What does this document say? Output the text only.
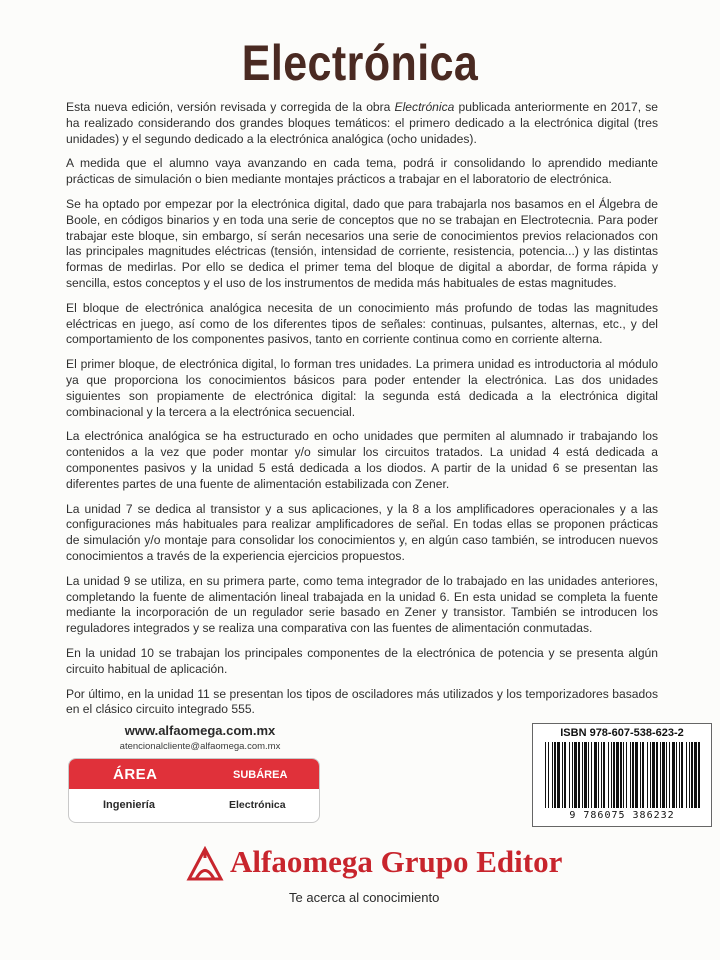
Electrónica

Esta nueva edición, versión revisada y corregida de la obra Electrónica publicada anteriormente en 2017, se ha realizado considerando dos grandes bloques temáticos: el primero dedicado a la electrónica digital (tres unidades) y el segundo dedicado a la electrónica analógica (ocho unidades).

A medida que el alumno vaya avanzando en cada tema, podrá ir consolidando lo aprendido mediante prácticas de simulación o bien mediante montajes prácticos a trabajar en el laboratorio de electrónica.

Se ha optado por empezar por la electrónica digital, dado que para trabajarla nos basamos en el Álgebra de Boole, en códigos binarios y en toda una serie de conceptos que no se trabajan en Electrotecnia. Para poder trabajar este bloque, sin embargo, sí serán necesarios una serie de conocimientos previos relacionados con las principales magnitudes eléctricas (tensión, intensidad de corriente, resistencia, potencia...) y las distintas formas de medirlas. Por ello se dedica el primer tema del bloque de digital a abordar, de forma rápida y sencilla, estos conceptos y el uso de los instrumentos de medida más habituales de estas magnitudes.

El bloque de electrónica analógica necesita de un conocimiento más profundo de todas las magnitudes eléctricas en juego, así como de los diferentes tipos de señales: continuas, pulsantes, alternas, etc., y del comportamiento de los componentes pasivos, tanto en corriente continua como en corriente alterna.

El primer bloque, de electrónica digital, lo forman tres unidades. La primera unidad es introductoria al módulo ya que proporciona los conocimientos básicos para poder entender la electrónica. Las dos unidades siguientes son propiamente de electrónica digital: la segunda está dedicada a la electrónica digital combinacional y la tercera a la electrónica secuencial.

La electrónica analógica se ha estructurado en ocho unidades que permiten al alumnado ir trabajando los contenidos a la vez que poder montar y/o simular los circuitos tratados. La unidad 4 está dedicada a componentes pasivos y la unidad 5 está dedicada a los diodos. A partir de la unidad 6 se presentan las diferentes partes de una fuente de alimentación estabilizada con Zener.

La unidad 7 se dedica al transistor y a sus aplicaciones, y la 8 a los amplificadores operacionales y a las configuraciones más habituales para realizar amplificadores de señal. En todas ellas se proponen prácticas de simulación y/o montaje para consolidar los conocimientos y, en algún caso también, se introducen nuevos conocimientos a través de la experiencia ejercicios propuestos.

La unidad 9 se utiliza, en su primera parte, como tema integrador de lo trabajado en las unidades anteriores, completando la fuente de alimentación lineal trabajada en la unidad 6. En esta unidad se completa la fuente mediante la incorporación de un regulador serie basado en Zener y transistor. También se introducen los reguladores integrados y se realiza una comparativa con las fuentes de alimentación conmutadas.

En la unidad 10 se trabajan los principales componentes de la electrónica de potencia y se presenta algún circuito habitual de aplicación.

Por último, en la unidad 11 se presentan los tipos de osciladores más utilizados y los temporizadores basados en el clásico circuito integrado 555.

www.alfaomega.com.mx
atencionalcliente@alfaomega.com.mx
ÁREA	SUBÁREA
Ingeniería	Electrónica
ISBN 978-607-538-623-2
9 786075 386232
Alfaomega Grupo Editor
Te acerca al conocimiento
